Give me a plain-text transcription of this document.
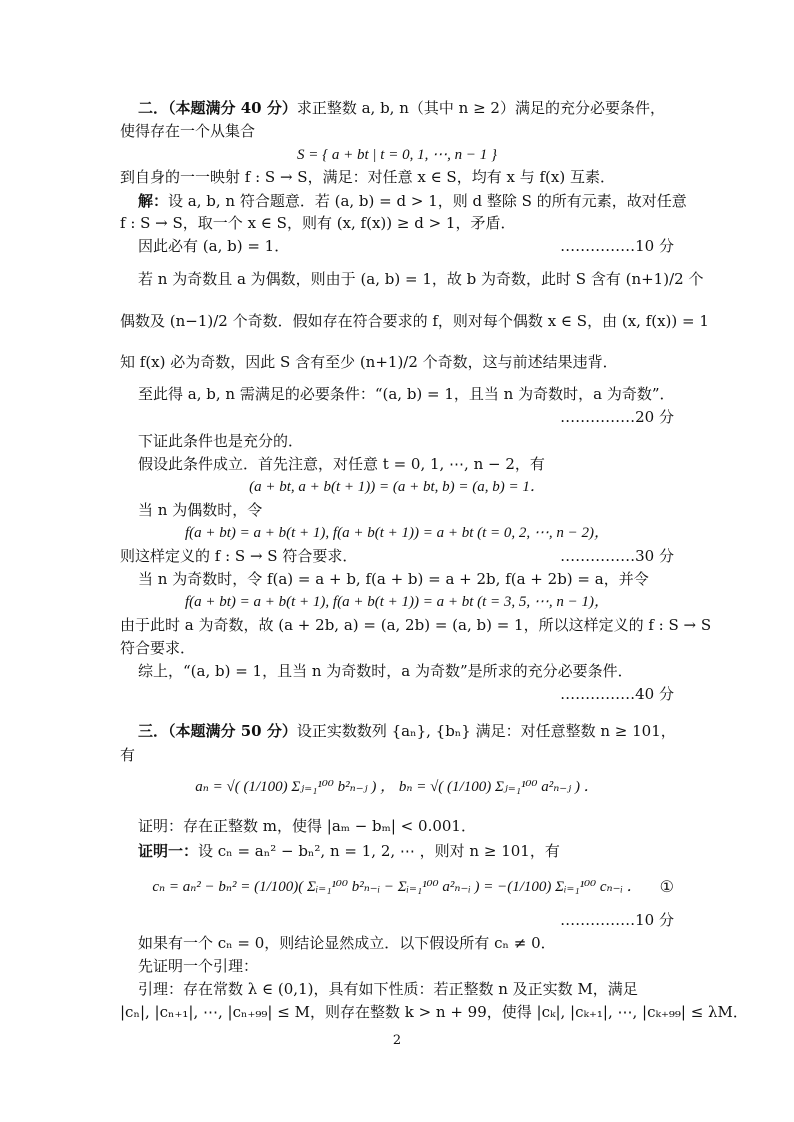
二．（本题满分 40 分）求正整数 a, b, n（其中 n ≥ 2）满足的充分必要条件，
使得存在一个从集合
S = { a + bt | t = 0, 1, ⋯, n − 1 }
到自身的一一映射 f : S → S，满足：对任意 x ∈ S，均有 x 与 f(x) 互素．
解：设 a, b, n 符合题意．若 (a, b) = d > 1，则 d 整除 S 的所有元素，故对任意
f : S → S，取一个 x ∈ S，则有 (x, f(x)) ≥ d > 1，矛盾．
因此必有 (a, b) = 1．	……………10 分
若 n 为奇数且 a 为偶数，则由于 (a, b) = 1，故 b 为奇数，此时 S 含有 (n+1)/2 个
偶数及 (n−1)/2 个奇数．假如存在符合要求的 f，则对每个偶数 x ∈ S，由 (x, f(x)) = 1
知 f(x) 必为奇数，因此 S 含有至少 (n+1)/2 个奇数，这与前述结果违背．
至此得 a, b, n 需满足的必要条件：“(a, b) = 1，且当 n 为奇数时，a 为奇数”．
……………20 分
下证此条件也是充分的．
假设此条件成立．首先注意，对任意 t = 0, 1, ⋯, n − 2，有
(a + bt, a + b(t + 1)) = (a + bt, b) = (a, b) = 1．
当 n 为偶数时，令
f(a + bt) = a + b(t + 1), f(a + b(t + 1)) = a + bt (t = 0, 2, ⋯, n − 2)，
则这样定义的 f : S → S 符合要求．	……………30 分
当 n 为奇数时，令 f(a) = a + b, f(a + b) = a + 2b, f(a + 2b) = a，并令
f(a + bt) = a + b(t + 1), f(a + b(t + 1)) = a + bt (t = 3, 5, ⋯, n − 1)，
由于此时 a 为奇数，故 (a + 2b, a) = (a, 2b) = (a, b) = 1，所以这样定义的 f : S → S
符合要求．
综上，“(a, b) = 1，且当 n 为奇数时，a 为奇数”是所求的充分必要条件．
……………40 分
三．（本题满分 50 分）设正实数数列 {aₙ}, {bₙ} 满足：对任意整数 n ≥ 101，
有
aₙ = √( (1/100) Σⱼ₌₁¹⁰⁰ b²ₙ₋ⱼ ) ， bₙ = √( (1/100) Σⱼ₌₁¹⁰⁰ a²ₙ₋ⱼ ) ．
证明：存在正整数 m，使得 |aₘ − bₘ| < 0.001．
证明一：设 cₙ = aₙ² − bₙ², n = 1, 2, ⋯ ，则对 n ≥ 101，有
cₙ = aₙ² − bₙ² = (1/100)( Σᵢ₌₁¹⁰⁰ b²ₙ₋ᵢ − Σᵢ₌₁¹⁰⁰ a²ₙ₋ᵢ ) = −(1/100) Σᵢ₌₁¹⁰⁰ cₙ₋ᵢ ．	①
……………10 分
如果有一个 cₙ = 0，则结论显然成立．以下假设所有 cₙ ≠ 0．
先证明一个引理：
引理：存在常数 λ ∈ (0,1)，具有如下性质：若正整数 n 及正实数 M，满足
|cₙ|, |cₙ₊₁|, ⋯, |cₙ₊₉₉| ≤ M，则存在整数 k > n + 99，使得 |cₖ|, |cₖ₊₁|, ⋯, |cₖ₊₉₉| ≤ λM．
2
